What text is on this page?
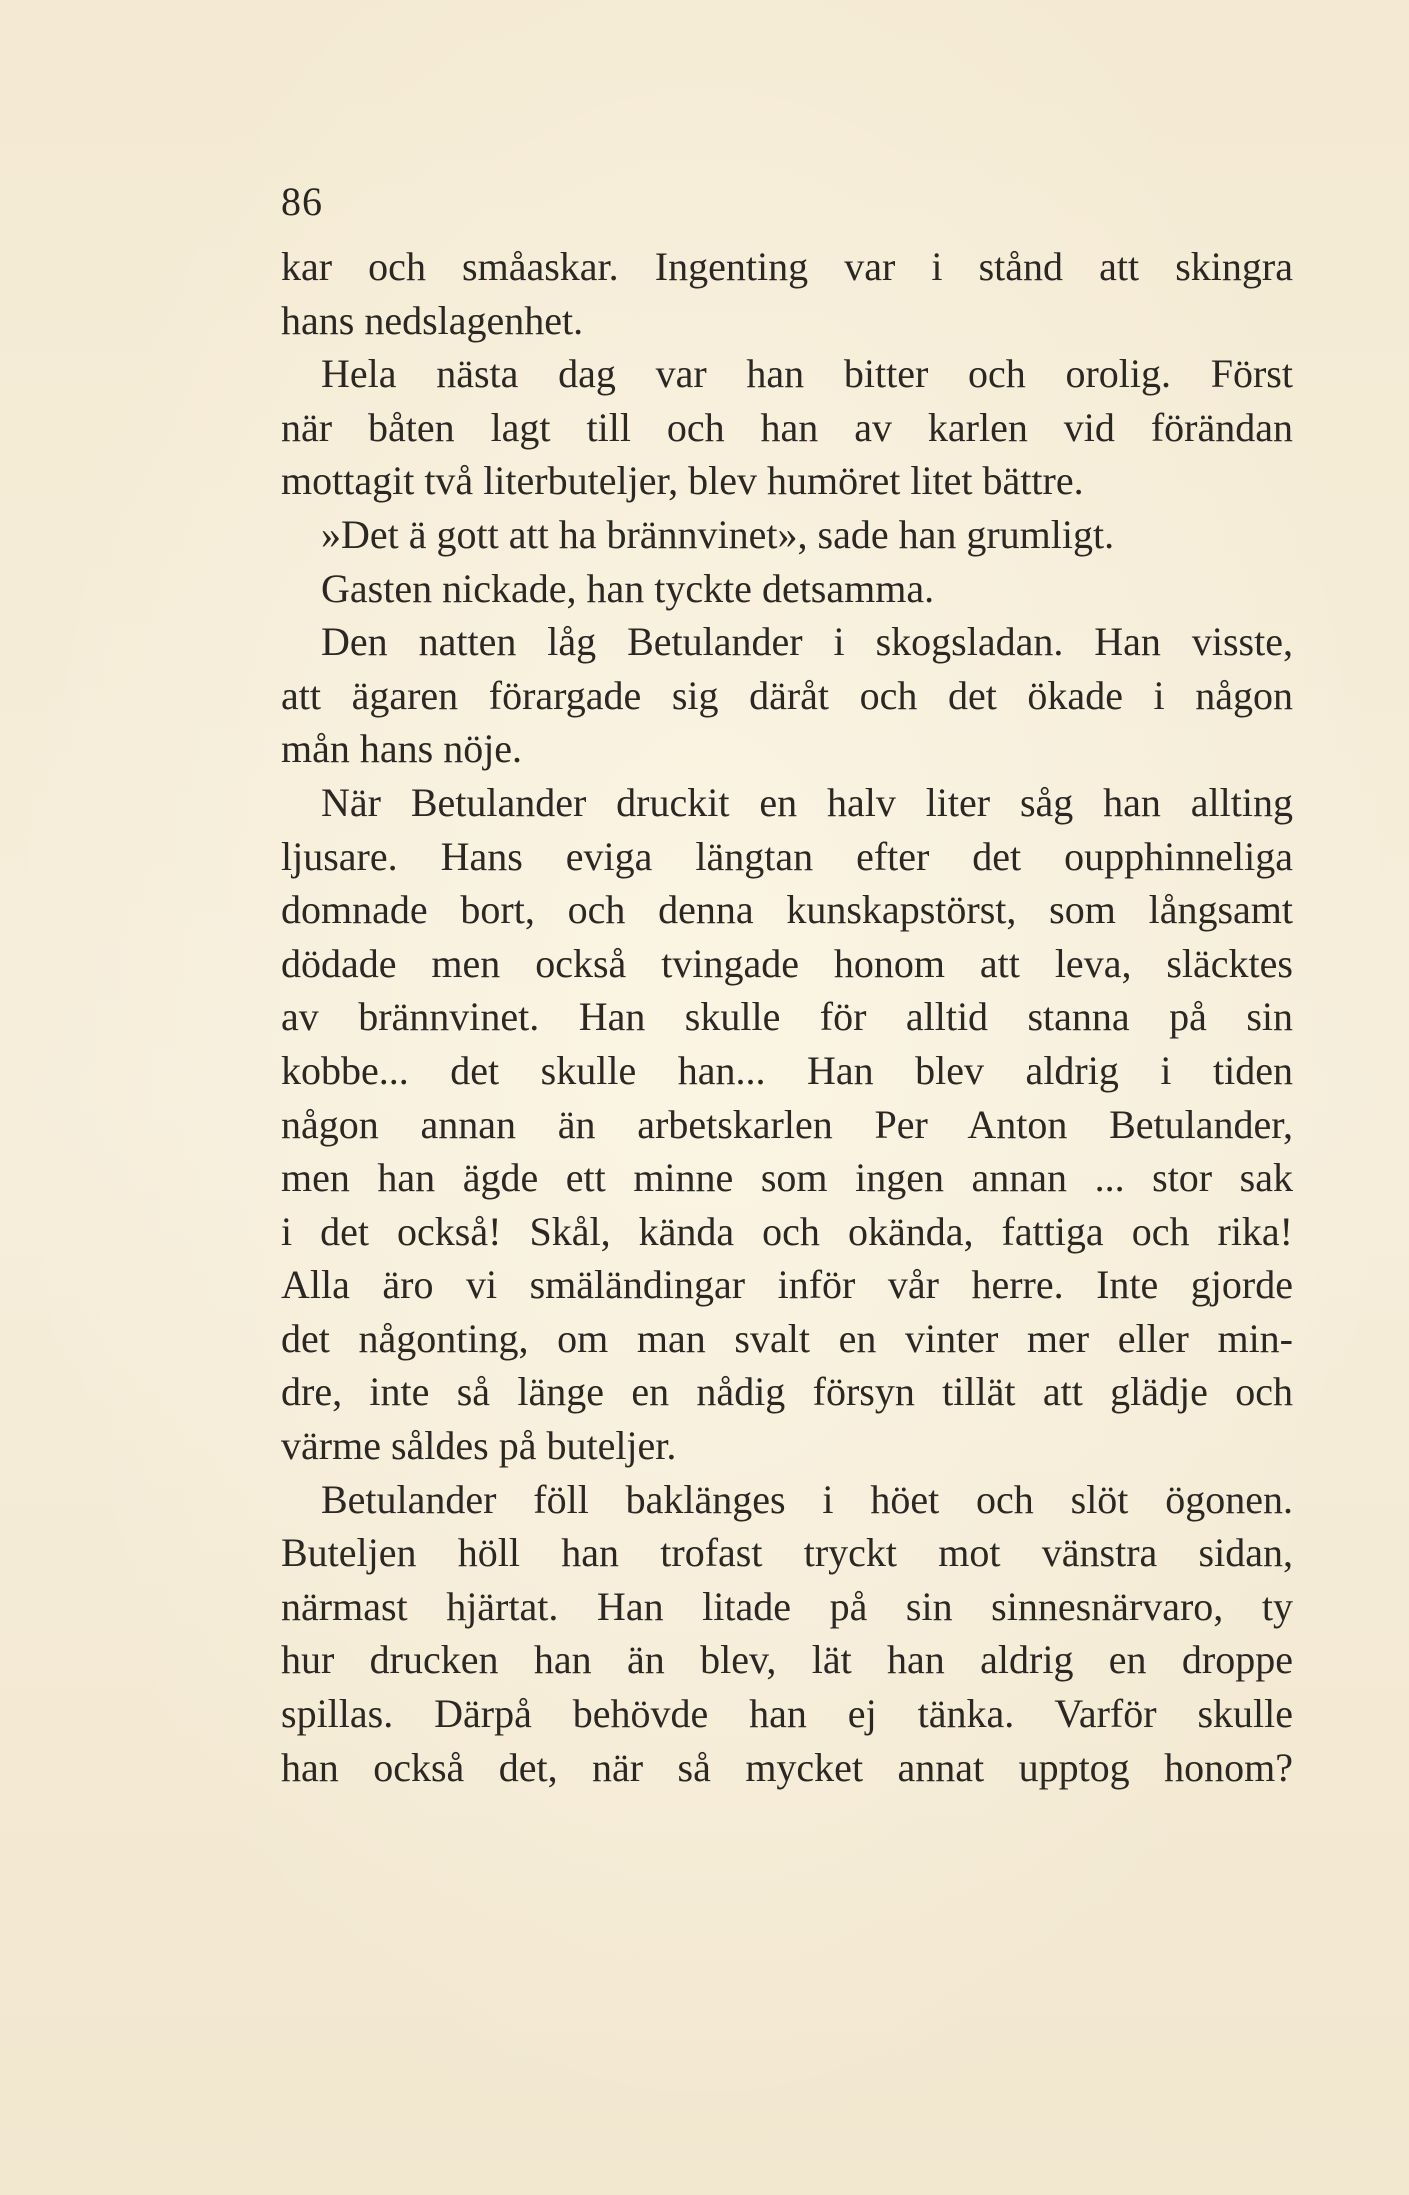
86
kar och småaskar. Ingenting var i stånd att skingra
hans nedslagenhet.
Hela nästa dag var han bitter och orolig. Först
när båten lagt till och han av karlen vid förändan
mottagit två literbuteljer, blev humöret litet bättre.
»Det ä gott att ha brännvinet», sade han grumligt.
Gasten nickade, han tyckte detsamma.
Den natten låg Betulander i skogsladan. Han visste,
att ägaren förargade sig däråt och det ökade i någon
mån hans nöje.
När Betulander druckit en halv liter såg han allting
ljusare. Hans eviga längtan efter det oupphinneliga
domnade bort, och denna kunskapstörst, som långsamt
dödade men också tvingade honom att leva, släcktes
av brännvinet. Han skulle för alltid stanna på sin
kobbe... det skulle han... Han blev aldrig i tiden
någon annan än arbetskarlen Per Anton Betulander,
men han ägde ett minne som ingen annan ... stor sak
i det också! Skål, kända och okända, fattiga och rika!
Alla äro vi smäländingar inför vår herre. Inte gjorde
det någonting, om man svalt en vinter mer eller min-
dre, inte så länge en nådig försyn tillät att glädje och
värme såldes på buteljer.
Betulander föll baklänges i höet och slöt ögonen.
Buteljen höll han trofast tryckt mot vänstra sidan,
närmast hjärtat. Han litade på sin sinnesnärvaro, ty
hur drucken han än blev, lät han aldrig en droppe
spillas. Därpå behövde han ej tänka. Varför skulle
han också det, när så mycket annat upptog honom?
